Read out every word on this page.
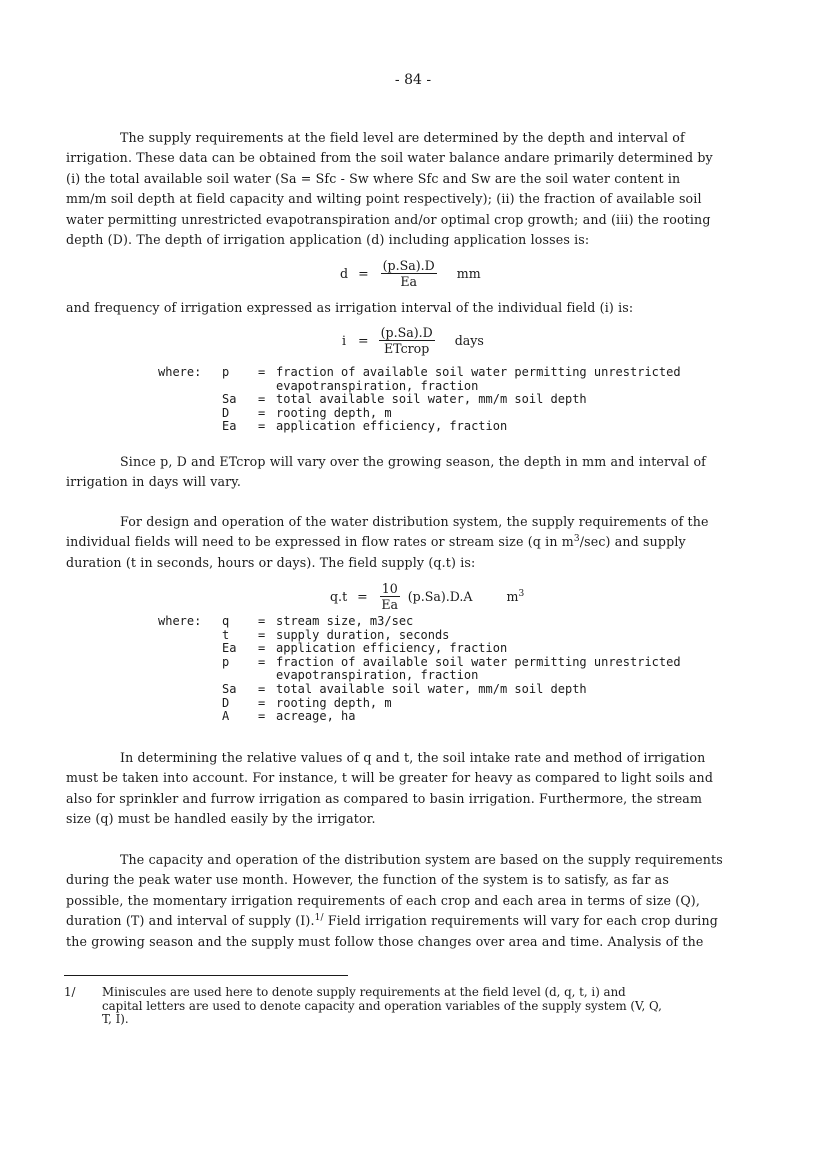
- 84 -
The supply requirements at the field level are determined by the depth and interval of
irrigation. These data can be obtained from the soil water balance andare primarily determined by
(i) the total available soil water (Sa = Sfc - Sw where Sfc and Sw are the soil water content in
mm/m soil depth at field capacity and wilting point respectively); (ii) the fraction of available soil
water permitting unrestricted evapotranspiration and/or optimal crop growth; and (iii) the rooting
depth (D). The depth of irrigation application (d) including application losses is:
$d = \frac{(p.Sa).D}{Ea}$ mm
and frequency of irrigation expressed as irrigation interval of the individual field (i) is:
$i = \frac{(p.Sa).D}{\text{ETcrop}}$ days
where:	p	= fraction of available soil water permitting unrestricted
evapotranspiration, fraction
Sa	= total available soil water, mm/m soil depth
D	= rooting depth, m
Ea	= application efficiency, fraction
Since p, D and ETcrop will vary over the growing season, the depth in mm and interval of
irrigation in days will vary.
For design and operation of the water distribution system, the supply requirements of the
individual fields will need to be expressed in flow rates or stream size (q in $m^3/\sec$) and supply
duration (t in seconds, hours or days). The field supply (q.t) is:
$q.t = \frac{10}{Ea} (p.Sa).D.A$	$m^3$
where:	q	= stream size, m3/sec
t	= supply duration, seconds
Ea	= application efficiency, fraction
p	= fraction of available soil water permitting unrestricted
evapotranspiration, fraction
Sa	= total available soil water, mm/m soil depth
D	= rooting depth, m
A	= acreage, ha
In determining the relative values of q and t, the soil intake rate and method of irrigation
must be taken into account. For instance, t will be greater for heavy as compared to light soils and
also for sprinkler and furrow irrigation as compared to basin irrigation. Furthermore, the stream
size (q) must be handled easily by the irrigator.
The capacity and operation of the distribution system are based on the supply requirements
during the peak water use month. However, the function of the system is to satisfy, as far as
possible, the momentary irrigation requirements of each crop and each area in terms of size (Q),
duration (T) and interval of supply (I).$^{1/}$ Field irrigation requirements will vary for each crop during
the growing season and the supply must follow those changes over area and time. Analysis of the
1/ Miniscules are used here to denote supply requirements at the field level (d, q, t, i) and
capital letters are used to denote capacity and operation variables of the supply system (V, Q,
T, I).
